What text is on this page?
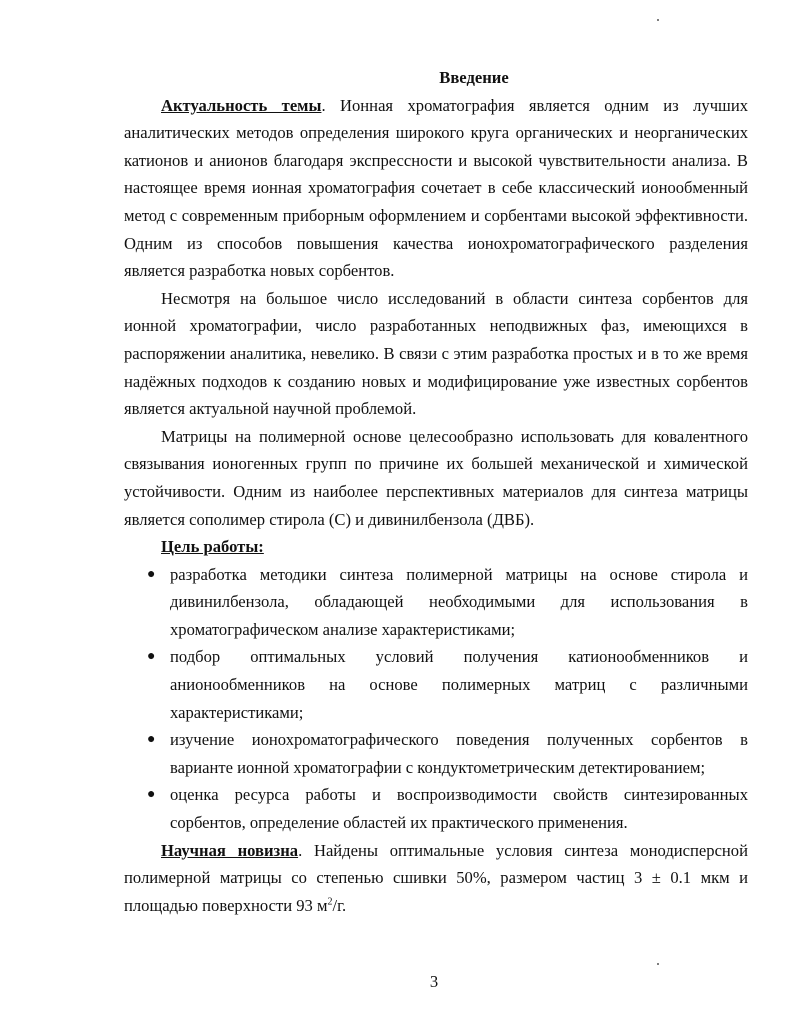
Введение

Актуальность темы. Ионная хроматография является одним из лучших аналитических методов определения широкого круга органических и неорганических катионов и анионов благодаря экспрессности и высокой чувствительности анализа. В настоящее время ионная хроматография сочетает в себе классический ионообменный метод с современным приборным оформлением и сорбентами высокой эффективности. Одним из способов повышения качества ионохроматографического разделения является разработка новых сорбентов.

Несмотря на большое число исследований в области синтеза сорбентов для ионной хроматографии, число разработанных неподвижных фаз, имеющихся в распоряжении аналитика, невелико. В связи с этим разработка простых и в то же время надёжных подходов к созданию новых и модифицирование уже известных сорбентов является актуальной научной проблемой.

Матрицы на полимерной основе целесообразно использовать для ковалентного связывания ионогенных групп по причине их большей механической и химической устойчивости. Одним из наиболее перспективных материалов для синтеза матрицы является сополимер стирола (С) и дивинилбензола (ДВБ).

Цель работы:

● разработка методики синтеза полимерной матрицы на основе стирола и дивинилбензола, обладающей необходимыми для использования в хроматографическом анализе характеристиками;
● подбор оптимальных условий получения катионообменников и анионообменников на основе полимерных матриц с различными характеристиками;
● изучение ионохроматографического поведения полученных сорбентов в варианте ионной хроматографии с кондуктометрическим детектированием;
● оценка ресурса работы и воспроизводимости свойств синтезированных сорбентов, определение областей их практического применения.

Научная новизна. Найдены оптимальные условия синтеза монодисперсной полимерной матрицы со степенью сшивки 50%, размером частиц 3 ± 0.1 мкм и площадью поверхности 93 $м^2/г$.

3
